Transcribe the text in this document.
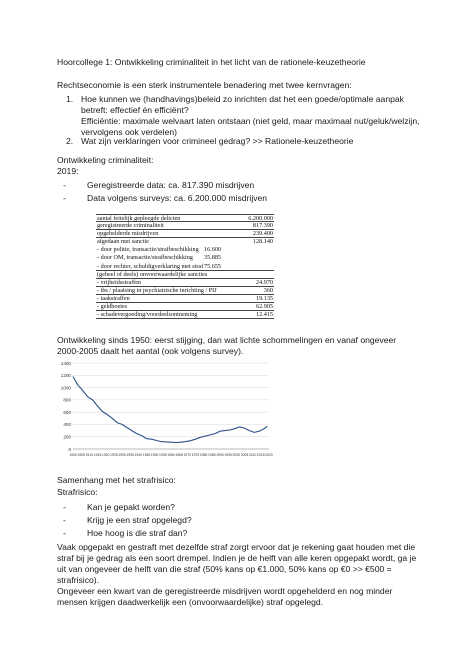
Hoorcollege 1: Ontwikkeling criminaliteit in het licht van de rationele-keuzetheorie
Rechtseconomie is een sterk instrumentele benadering met twee kernvragen:
1. Hoe kunnen we (handhavings)beleid zo inrichten dat het een goede/optimale aanpak betreft: effectief én efficiënt?
Efficiëntie: maximale welvaart laten ontstaan (niet geld, maar maximaal nut/geluk/welzijn, vervolgens ook verdelen)
2. Wat zijn verklaringen voor crimineel gedrag? >> Rationele-keuzetheorie
Ontwikkeling criminaliteit:
2019:
- Geregistreerde data: ca. 817.390 misdrijven
- Data volgens surveys: ca. 6.200.000 misdrijven
aantal feitelijk gepleegde delicten	6.200.000
geregistreerde criminaliteit	817.390
opgehelderde misdrijven	239.400
afgedaan met sanctie	128.140
- door politie, transactie/strafbeschikking 16.600
- door OM, transactie/strafbeschikking 35.885
- door rechter, schuldigverklaring met straf 75.655
(geheel of deels) onvoorwaardelijke sancties
- vrijheidsstraffen	24.970
- tbs / plaatsing in psychiatrische inrichting / PIJ	360
- taakstraffen	19.135
- geldboetes	62.905
- schadevergoeding/voordeelsontneming	12.415
Ontwikkeling sinds 1950: eerst stijging, dan wat lichte schommelingen en vanaf ongeveer 2000-2005 daalt het aantal (ook volgens survey).
0
200
400
600
800
1000
1200
1400
1900 1905 1910 1915 1920 1925 1930 1935 1940 1945 1950 1955 1960 1965 1970 1975 1980 1985 1990 1995 2000 2005 2010 2015 2020
Samenhang met het strafrisico:
Strafrisico:
- Kan je gepakt worden?
- Krijg je een straf opgelegd?
- Hoe hoog is die straf dan?
Vaak opgepakt en gestraft met dezelfde straf zorgt ervoor dat je rekening gaat houden met die straf bij je gedrag als een soort drempel. Indien je de helft van alle keren opgepakt wordt, ga je uit van ongeveer de helft van die straf (50% kans op €1.000, 50% kans op €0 >> €500 = strafrisico).
Ongeveer een kwart van de geregistreerde misdrijven wordt opgehelderd en nog minder mensen krijgen daadwerkelijk een (onvoorwaardelijke) straf opgelegd.
